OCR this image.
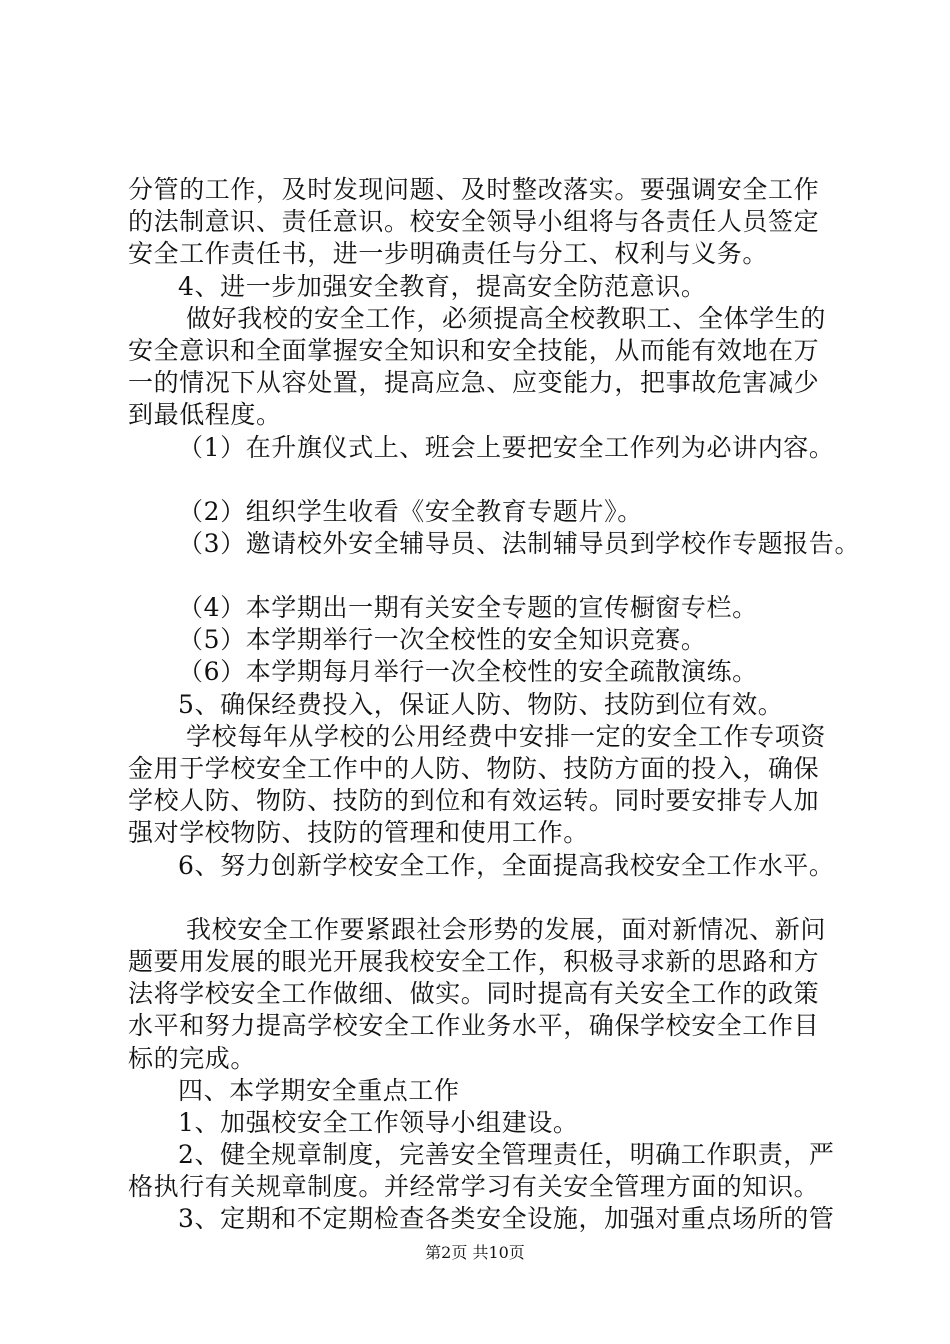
分管的工作，及时发现问题、及时整改落实。要强调安全工作
的法制意识、责任意识。校安全领导小组将与各责任人员签定
安全工作责任书，进一步明确责任与分工、权利与义务。
4、进一步加强安全教育，提高安全防范意识。
做好我校的安全工作，必须提高全校教职工、全体学生的
安全意识和全面掌握安全知识和安全技能，从而能有效地在万
一的情况下从容处置，提高应急、应变能力，把事故危害减少
到最低程度。
（1）在升旗仪式上、班会上要把安全工作列为必讲内容。
（2）组织学生收看《安全教育专题片》。
（3）邀请校外安全辅导员、法制辅导员到学校作专题报告。
（4）本学期出一期有关安全专题的宣传橱窗专栏。
（5）本学期举行一次全校性的安全知识竞赛。
（6）本学期每月举行一次全校性的安全疏散演练。
5、确保经费投入，保证人防、物防、技防到位有效。
学校每年从学校的公用经费中安排一定的安全工作专项资
金用于学校安全工作中的人防、物防、技防方面的投入，确保
学校人防、物防、技防的到位和有效运转。同时要安排专人加
强对学校物防、技防的管理和使用工作。
6、努力创新学校安全工作，全面提高我校安全工作水平。
我校安全工作要紧跟社会形势的发展，面对新情况、新问
题要用发展的眼光开展我校安全工作，积极寻求新的思路和方
法将学校安全工作做细、做实。同时提高有关安全工作的政策
水平和努力提高学校安全工作业务水平，确保学校安全工作目
标的完成。
四、本学期安全重点工作
1、加强校安全工作领导小组建设。
2、健全规章制度，完善安全管理责任，明确工作职责，严
格执行有关规章制度。并经常学习有关安全管理方面的知识。
3、定期和不定期检查各类安全设施，加强对重点场所的管
第2页 共10页
